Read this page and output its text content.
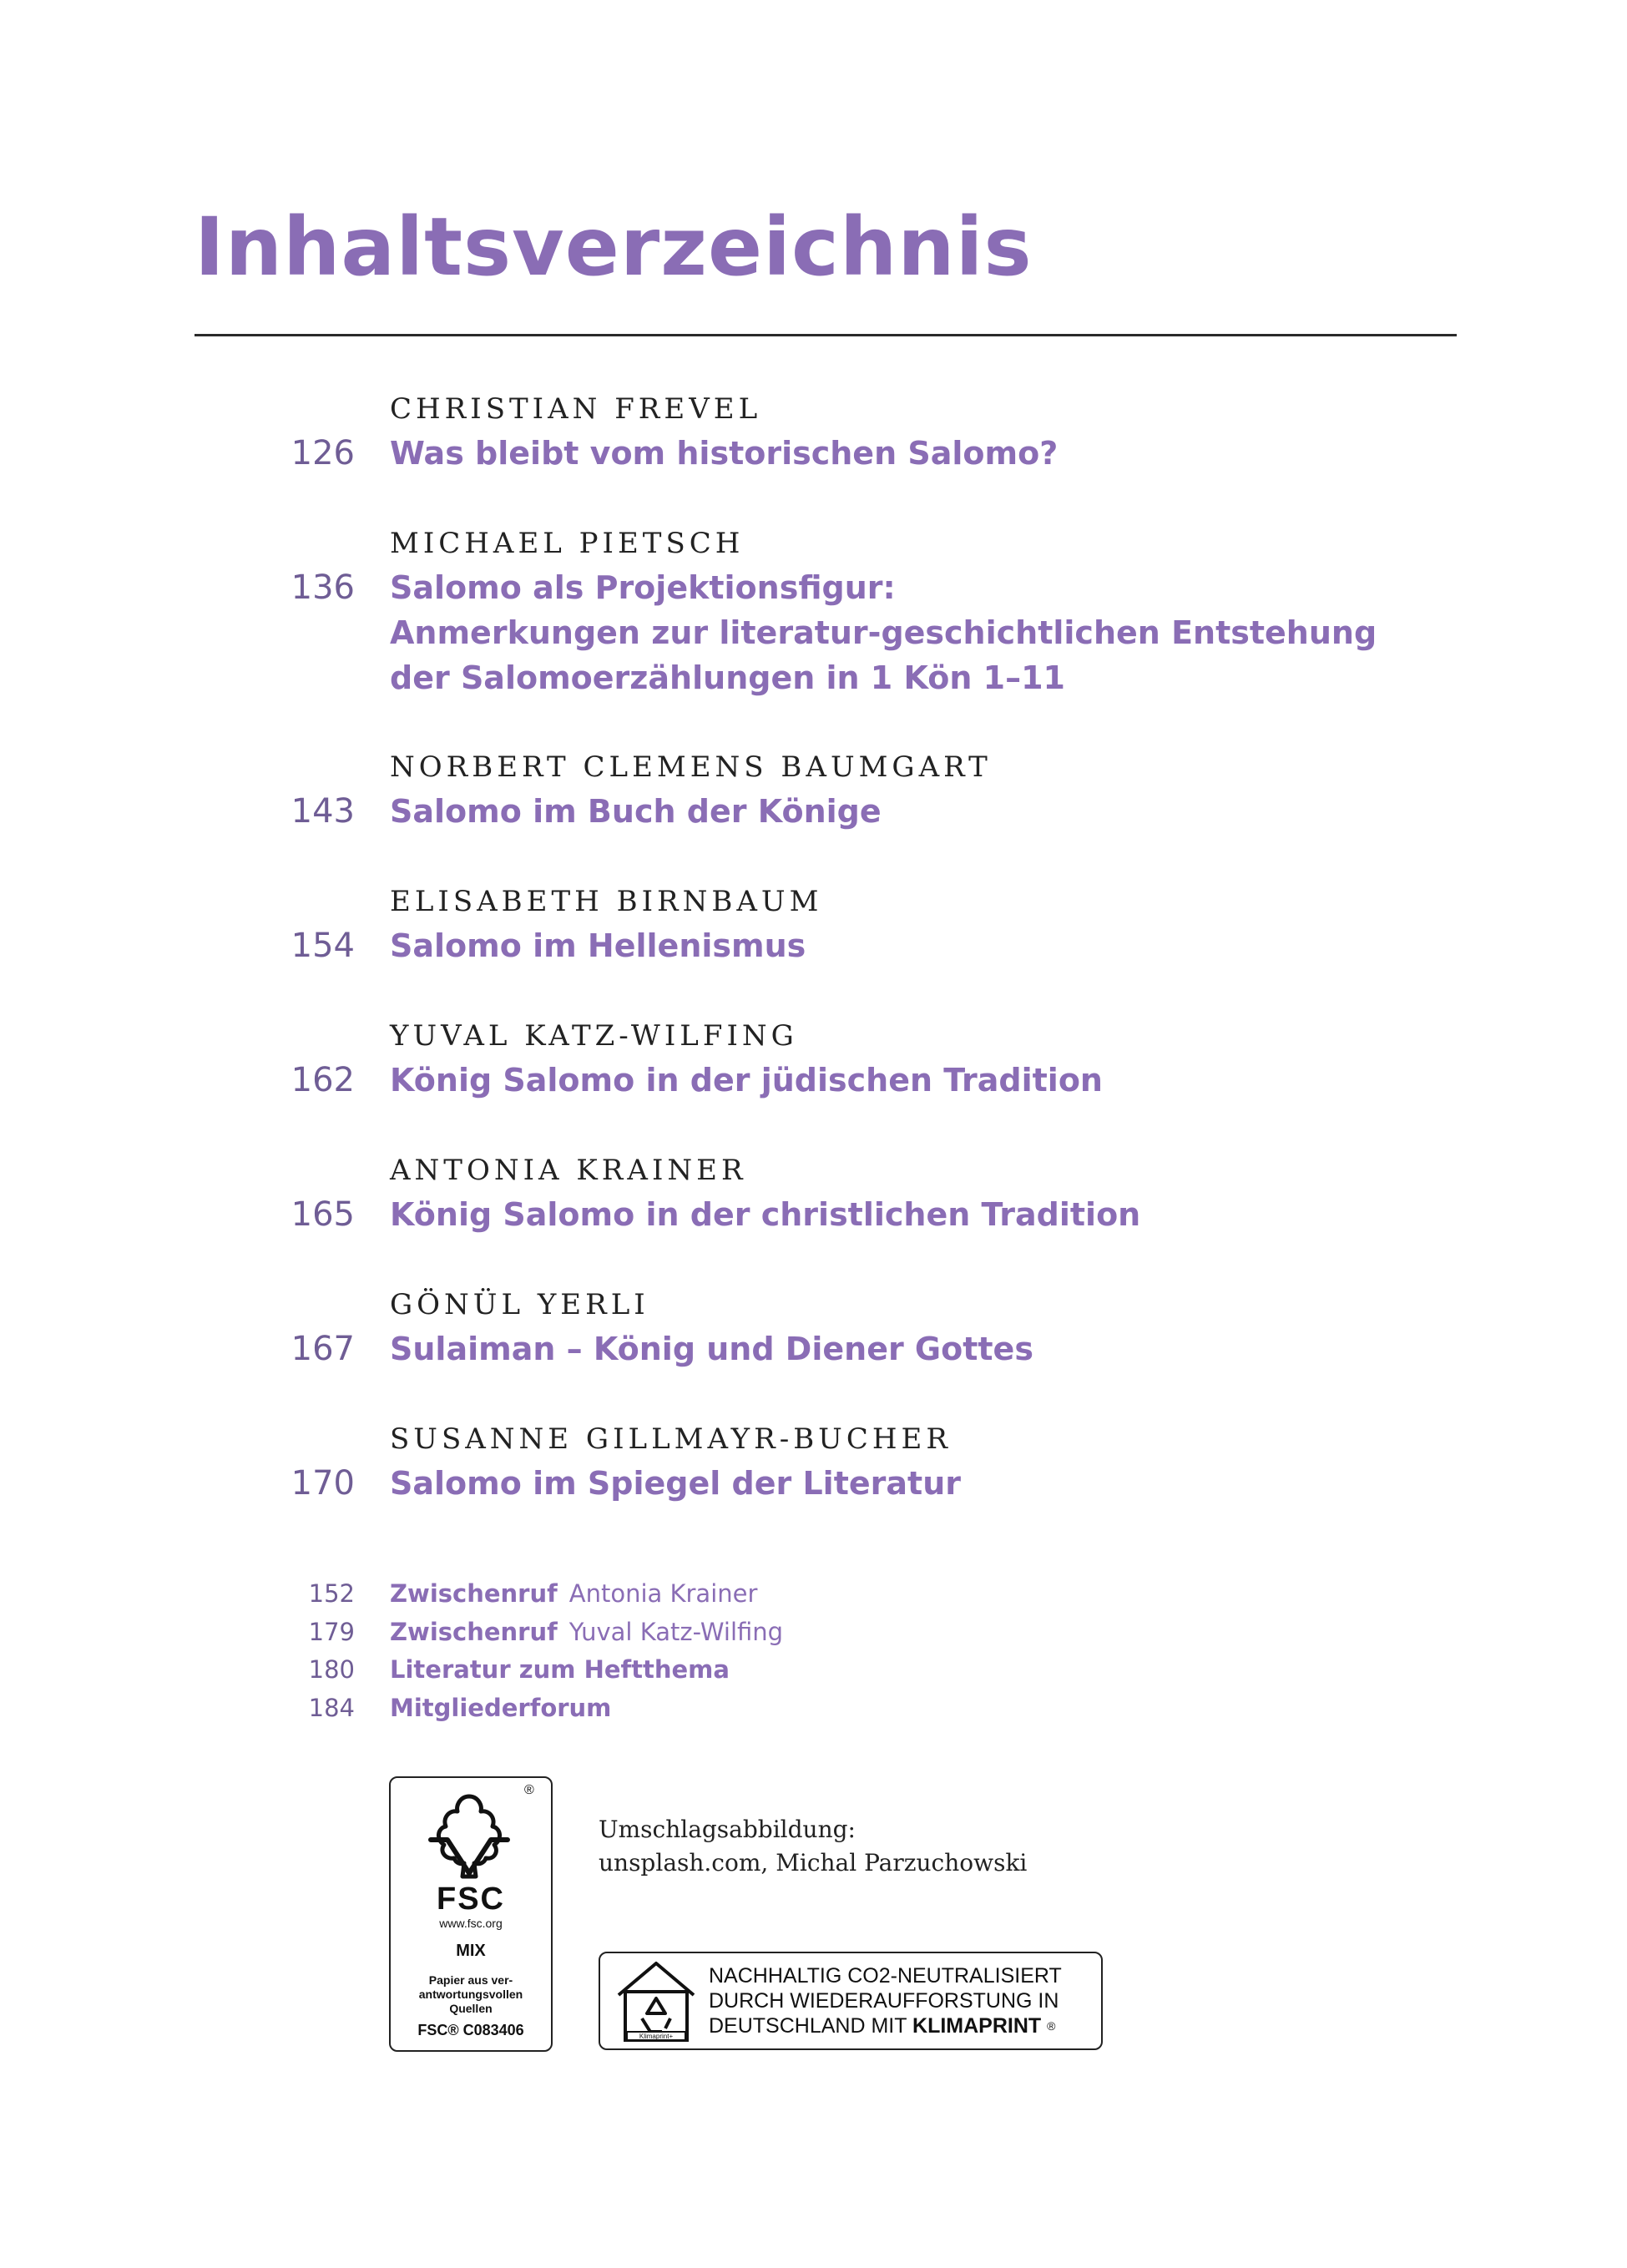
Inhaltsverzeichnis
CHRISTIAN FREVEL
126 Was bleibt vom historischen Salomo?
MICHAEL PIETSCH
136 Salomo als Projektionsfigur:
Anmerkungen zur literatur-geschichtlichen Entstehung
der Salomoerzählungen in 1 Kön 1–11
NORBERT CLEMENS BAUMGART
143 Salomo im Buch der Könige
ELISABETH BIRNBAUM
154 Salomo im Hellenismus
YUVAL KATZ-WILFING
162 König Salomo in der jüdischen Tradition
ANTONIA KRAINER
165 König Salomo in der christlichen Tradition
GÖNÜL YERLI
167 Sulaiman – König und Diener Gottes
SUSANNE GILLMAYR-BUCHER
170 Salomo im Spiegel der Literatur
152 Zwischenruf Antonia Krainer
179 Zwischenruf Yuval Katz-Wilfing
180 Literatur zum Heftthema
184 Mitgliederforum
®
FSC
www.fsc.org
MIX
Papier aus ver-
antwortungsvollen
Quellen
FSC® C083406
Umschlagsabbildung:
unsplash.com, Michal Parzuchowski
Klimaprint+
NACHHALTIG CO2-NEUTRALISIERT
DURCH WIEDERAUFFORSTUNG IN
DEUTSCHLAND MIT KLIMAPRINT ®
